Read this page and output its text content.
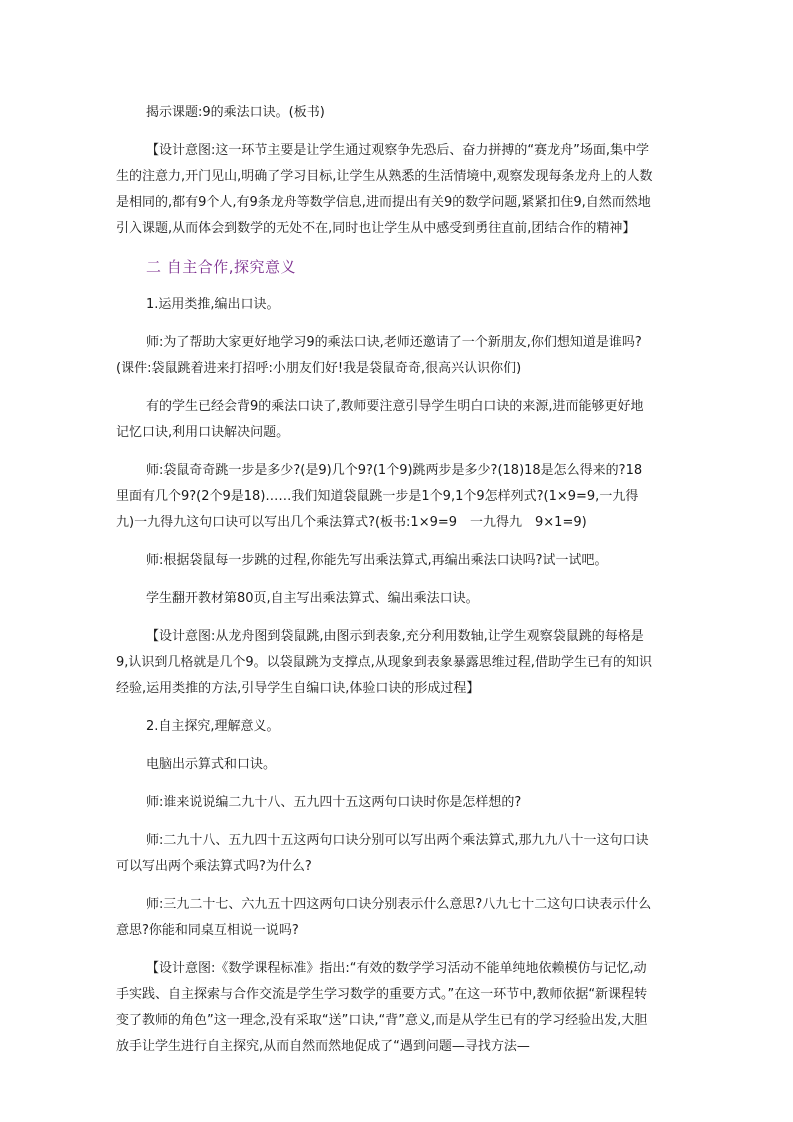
揭示课题:9的乘法口诀。(板书)

【设计意图:这一环节主要是让学生通过观察争先恐后、奋力拼搏的“赛龙舟”场面,集中学生的注意力,开门见山,明确了学习目标,让学生从熟悉的生活情境中,观察发现每条龙舟上的人数是相同的,都有9个人,有9条龙舟等数学信息,进而提出有关9的数学问题,紧紧扣住9,自然而然地引入课题,从而体会到数学的无处不在,同时也让学生从中感受到勇往直前,团结合作的精神】

二 自主合作,探究意义

1.运用类推,编出口诀。

师:为了帮助大家更好地学习9的乘法口诀,老师还邀请了一个新朋友,你们想知道是谁吗?(课件:袋鼠跳着进来打招呼:小朋友们好!我是袋鼠奇奇,很高兴认识你们)

有的学生已经会背9的乘法口诀了,教师要注意引导学生明白口诀的来源,进而能够更好地记忆口诀,利用口诀解决问题。

师:袋鼠奇奇跳一步是多少?(是9)几个9?(1个9)跳两步是多少?(18)18是怎么得来的?18里面有几个9?(2个9是18)……我们知道袋鼠跳一步是1个9,1个9怎样列式?(1×9=9,一九得九)一九得九这句口诀可以写出几个乘法算式?(板书:1×9=9　一九得九　9×1=9)

师:根据袋鼠每一步跳的过程,你能先写出乘法算式,再编出乘法口诀吗?试一试吧。

学生翻开教材第80页,自主写出乘法算式、编出乘法口诀。

【设计意图:从龙舟图到袋鼠跳,由图示到表象,充分利用数轴,让学生观察袋鼠跳的每格是9,认识到几格就是几个9。以袋鼠跳为支撑点,从现象到表象暴露思维过程,借助学生已有的知识经验,运用类推的方法,引导学生自编口诀,体验口诀的形成过程】

2.自主探究,理解意义。

电脑出示算式和口诀。

师:谁来说说编二九十八、五九四十五这两句口诀时你是怎样想的?

师:二九十八、五九四十五这两句口诀分别可以写出两个乘法算式,那九九八十一这句口诀可以写出两个乘法算式吗?为什么?

师:三九二十七、六九五十四这两句口诀分别表示什么意思?八九七十二这句口诀表示什么意思?你能和同桌互相说一说吗?

【设计意图:《数学课程标准》指出:“有效的数学学习活动不能单纯地依赖模仿与记忆,动手实践、自主探索与合作交流是学生学习数学的重要方式。”在这一环节中,教师依据“新课程转变了教师的角色”这一理念,没有采取“送”口诀,“背”意义,而是从学生已有的学习经验出发,大胆放手让学生进行自主探究,从而自然而然地促成了“遇到问题—寻找方法—
